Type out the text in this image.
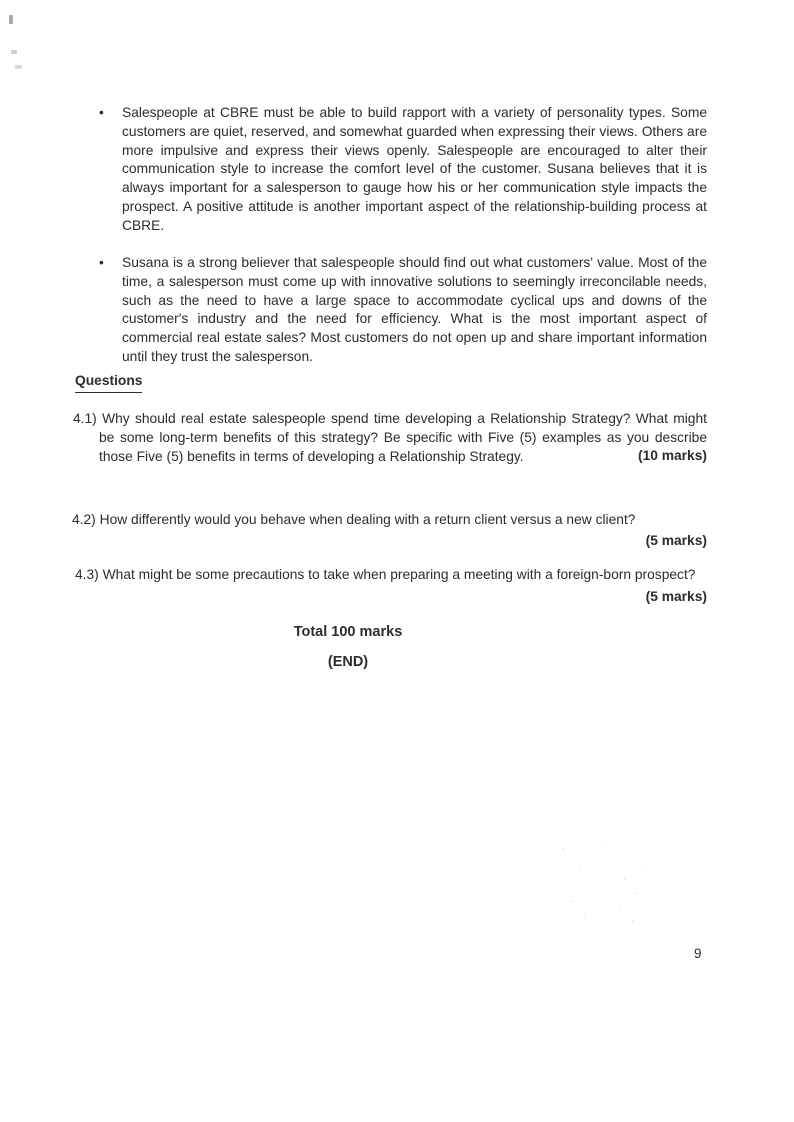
•	Salespeople at CBRE must be able to build rapport with a variety of personality types. Some customers are quiet, reserved, and somewhat guarded when expressing their views. Others are more impulsive and express their views openly. Salespeople are encouraged to alter their communication style to increase the comfort level of the customer. Susana believes that it is always important for a salesperson to gauge how his or her communication style impacts the prospect. A positive attitude is another important aspect of the relationship-building process at CBRE.

•	Susana is a strong believer that salespeople should find out what customers' value. Most of the time, a salesperson must come up with innovative solutions to seemingly irreconcilable needs, such as the need to have a large space to accommodate cyclical ups and downs of the customer's industry and the need for efficiency. What is the most important aspect of commercial real estate sales? Most customers do not open up and share important information until they trust the salesperson.

Questions

4.1) Why should real estate salespeople spend time developing a Relationship Strategy? What might be some long-term benefits of this strategy? Be specific with Five (5) examples as you describe those Five (5) benefits in terms of developing a Relationship Strategy.	(10 marks)

4.2) How differently would you behave when dealing with a return client versus a new client?

(5 marks)

4.3) What might be some precautions to take when preparing a meeting with a foreign-born prospect?

(5 marks)

Total 100 marks
(END)
9
